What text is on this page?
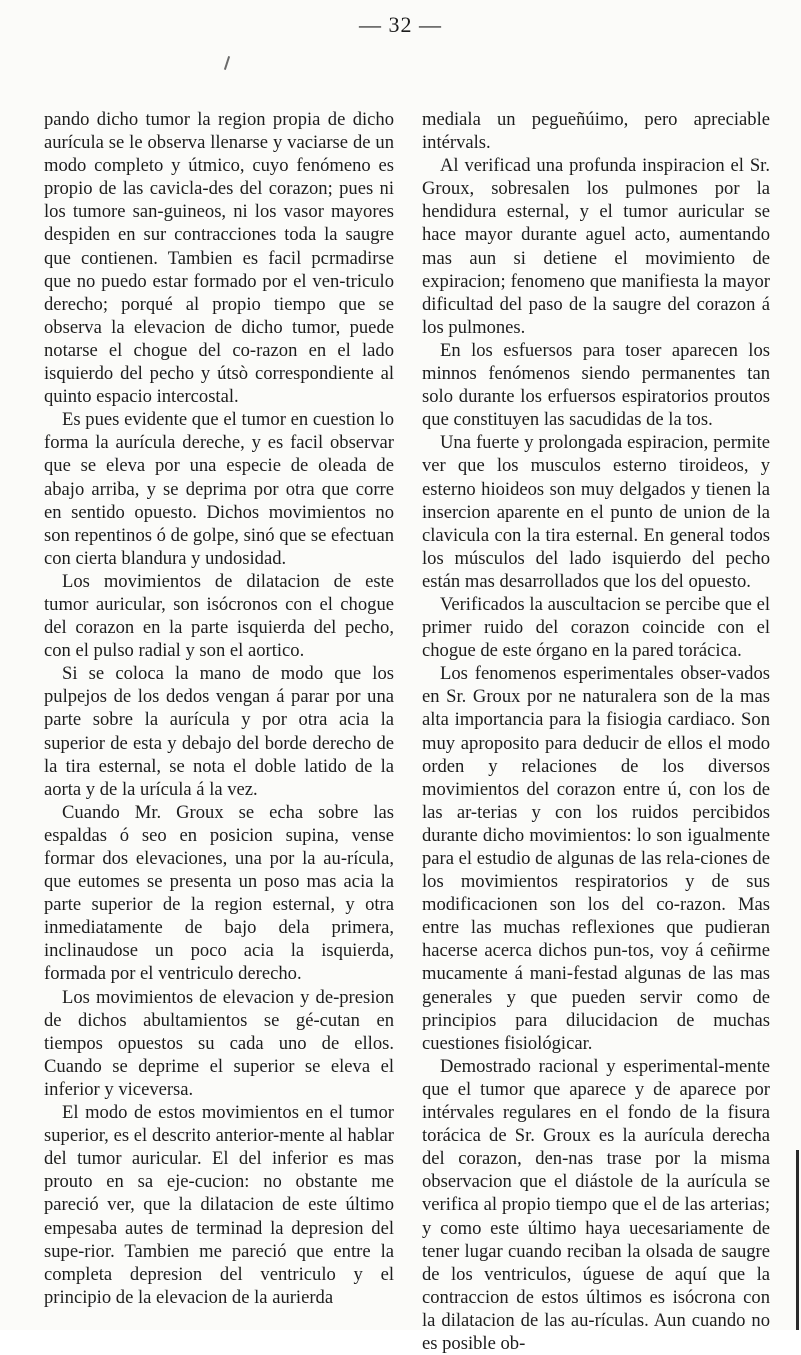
— 32 —

pando dicho tumor la region propia de dicho aurícula se le observa llenarse y vaciarse de un modo completo y útmico, cuyo fenómeno es propio de las cavicla-des del corazon; pues ni los tumore san-guineos, ni los vasor mayores despiden en sur contracciones toda la saugre que contienen. Tambien es facil pcrmadirse que no puedo estar formado por el ven-triculo derecho; porqué al propio tiempo que se observa la elevacion de dicho tumor, puede notarse el chogue del co-razon en el lado isquierdo del pecho y útsò correspondiente al quinto espacio intercostal.

Es pues evidente que el tumor en cuestion lo forma la aurícula dereche, y es facil observar que se eleva por una especie de oleada de abajo arriba, y se deprima por otra que corre en sentido opuesto. Dichos movimientos no son repentinos ó de golpe, sinó que se efectuan con cierta blandura y undosidad.

Los movimientos de dilatacion de este tumor auricular, son isócronos con el chogue del corazon en la parte isquierda del pecho, con el pulso radial y son el aortico.

Si se coloca la mano de modo que los pulpejos de los dedos vengan á parar por una parte sobre la aurícula y por otra acia la superior de esta y debajo del borde derecho de la tira esternal, se nota el doble latido de la aorta y de la urícula á la vez.

Cuando Mr. Groux se echa sobre las espaldas ó seo en posicion supina, vense formar dos elevaciones, una por la au-rícula, que eutomes se presenta un poso mas acia la parte superior de la region esternal, y otra inmediatamente de bajo dela primera, inclinaudose un poco acia la isquierda, formada por el ventriculo derecho.

Los movimientos de elevacion y de-presion de dichos abultamientos se gé-cutan en tiempos opuestos su cada uno de ellos. Cuando se deprime el superior se eleva el inferior y viceversa.

El modo de estos movimientos en el tumor superior, es el descrito anterior-mente al hablar del tumor auricular. El del inferior es mas prouto en sa eje-cucion: no obstante me pareció ver, que la dilatacion de este último empesaba autes de terminad la depresion del supe-rior. Tambien me pareció que entre la completa depresion del ventriculo y el principio de la elevacion de la aurierda

mediala un pegueñúimo, pero apreciable intérvals.

Al verificad una profunda inspiracion el Sr. Groux, sobresalen los pulmones por la hendidura esternal, y el tumor auricular se hace mayor durante aguel acto, aumentando mas aun si detiene el movimiento de expiracion; fenomeno que manifiesta la mayor dificultad del paso de la saugre del corazon á los pulmones.

En los esfuersos para toser aparecen los minnos fenómenos siendo permanentes tan solo durante los erfuersos espiratorios proutos que constituyen las sacudidas de la tos.

Una fuerte y prolongada espiracion, permite ver que los musculos esterno tiroideos, y esterno hioideos son muy delgados y tienen la insercion aparente en el punto de union de la clavicula con la tira esternal. En general todos los músculos del lado isquierdo del pecho están mas desarrollados que los del opuesto.

Verificados la auscultacion se percibe que el primer ruido del corazon coincide con el chogue de este órgano en la pared torácica.

Los fenomenos esperimentales obser-vados en Sr. Groux por ne naturalera son de la mas alta importancia para la fisiogia cardiaco. Son muy aproposito para deducir de ellos el modo orden y relaciones de los diversos movimientos del corazon entre ú, con los de las ar-terias y con los ruidos percibidos durante dicho movimientos: lo son igualmente para el estudio de algunas de las rela-ciones de los movimientos respiratorios y de sus modificacionen son los del co-razon. Mas entre las muchas reflexiones que pudieran hacerse acerca dichos pun-tos, voy á ceñirme mucamente á mani-festad algunas de las mas generales y que pueden servir como de principios para dilucidacion de muchas cuestiones fisiológicar.

Demostrado racional y esperimental-mente que el tumor que aparece y de aparece por intérvales regulares en el fondo de la fisura torácica de Sr. Groux es la aurícula derecha del corazon, den-nas trase por la misma observacion que el diástole de la aurícula se verifica al propio tiempo que el de las arterias; y como este último haya uecesariamente de tener lugar cuando reciban la olsada de saugre de los ventriculos, úguese de aquí que la contraccion de estos últimos es isócrona con la dilatacion de las au-rículas. Aun cuando no es posible ob-
